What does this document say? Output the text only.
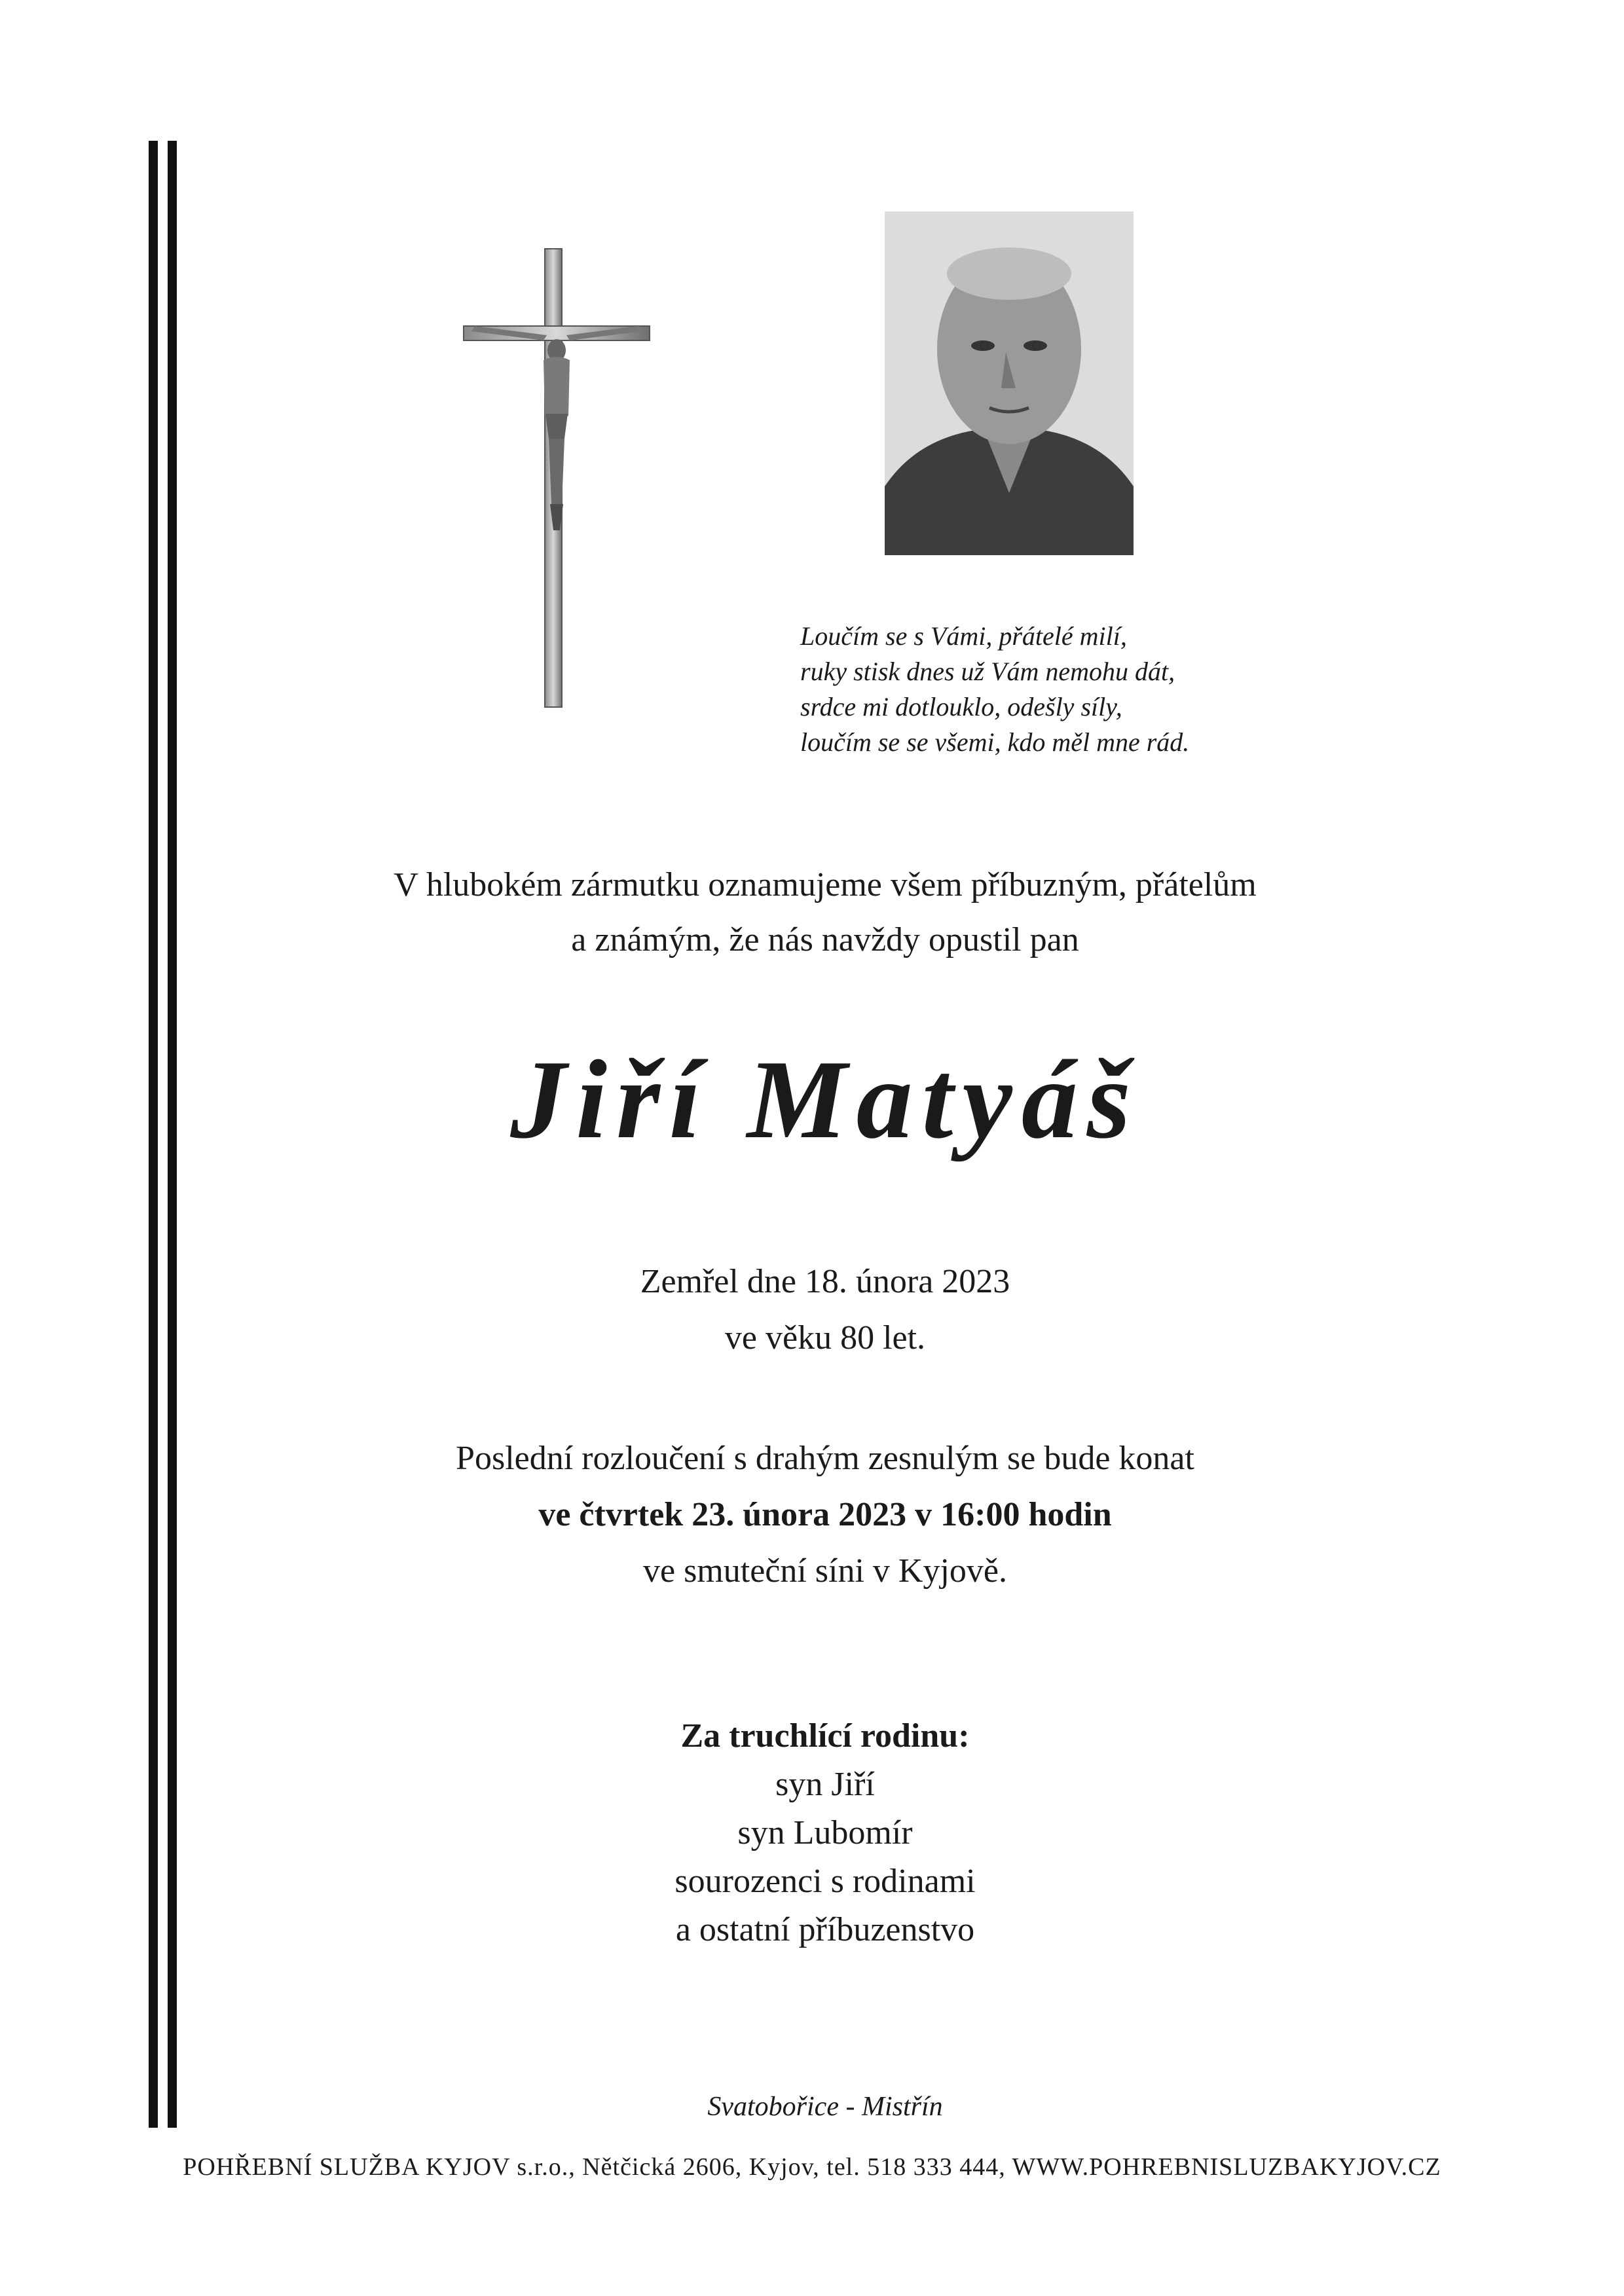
Loučím se s Vámi, přátelé milí,
ruky stisk dnes už Vám nemohu dát,
srdce mi dotlouklo, odešly síly,
loučím se se všemi, kdo měl mne rád.
V hlubokém zármutku oznamujeme všem příbuzným, přátelům
a známým, že nás navždy opustil pan
Jiří Matyáš
Zemřel dne 18. února 2023
ve věku 80 let.
Poslední rozloučení s drahým zesnulým se bude konat
ve čtvrtek 23. února 2023 v 16:00 hodin
ve smuteční síni v Kyjově.
Za truchlící rodinu:
syn Jiří
syn Lubomír
sourozenci s rodinami
a ostatní příbuzenstvo
Svatobořice - Mistřín
POHŘEBNÍ SLUŽBA KYJOV s.r.o., Nětčická 2606, Kyjov, tel. 518 333 444, WWW.POHREBNISLUZBAKYJOV.CZ
